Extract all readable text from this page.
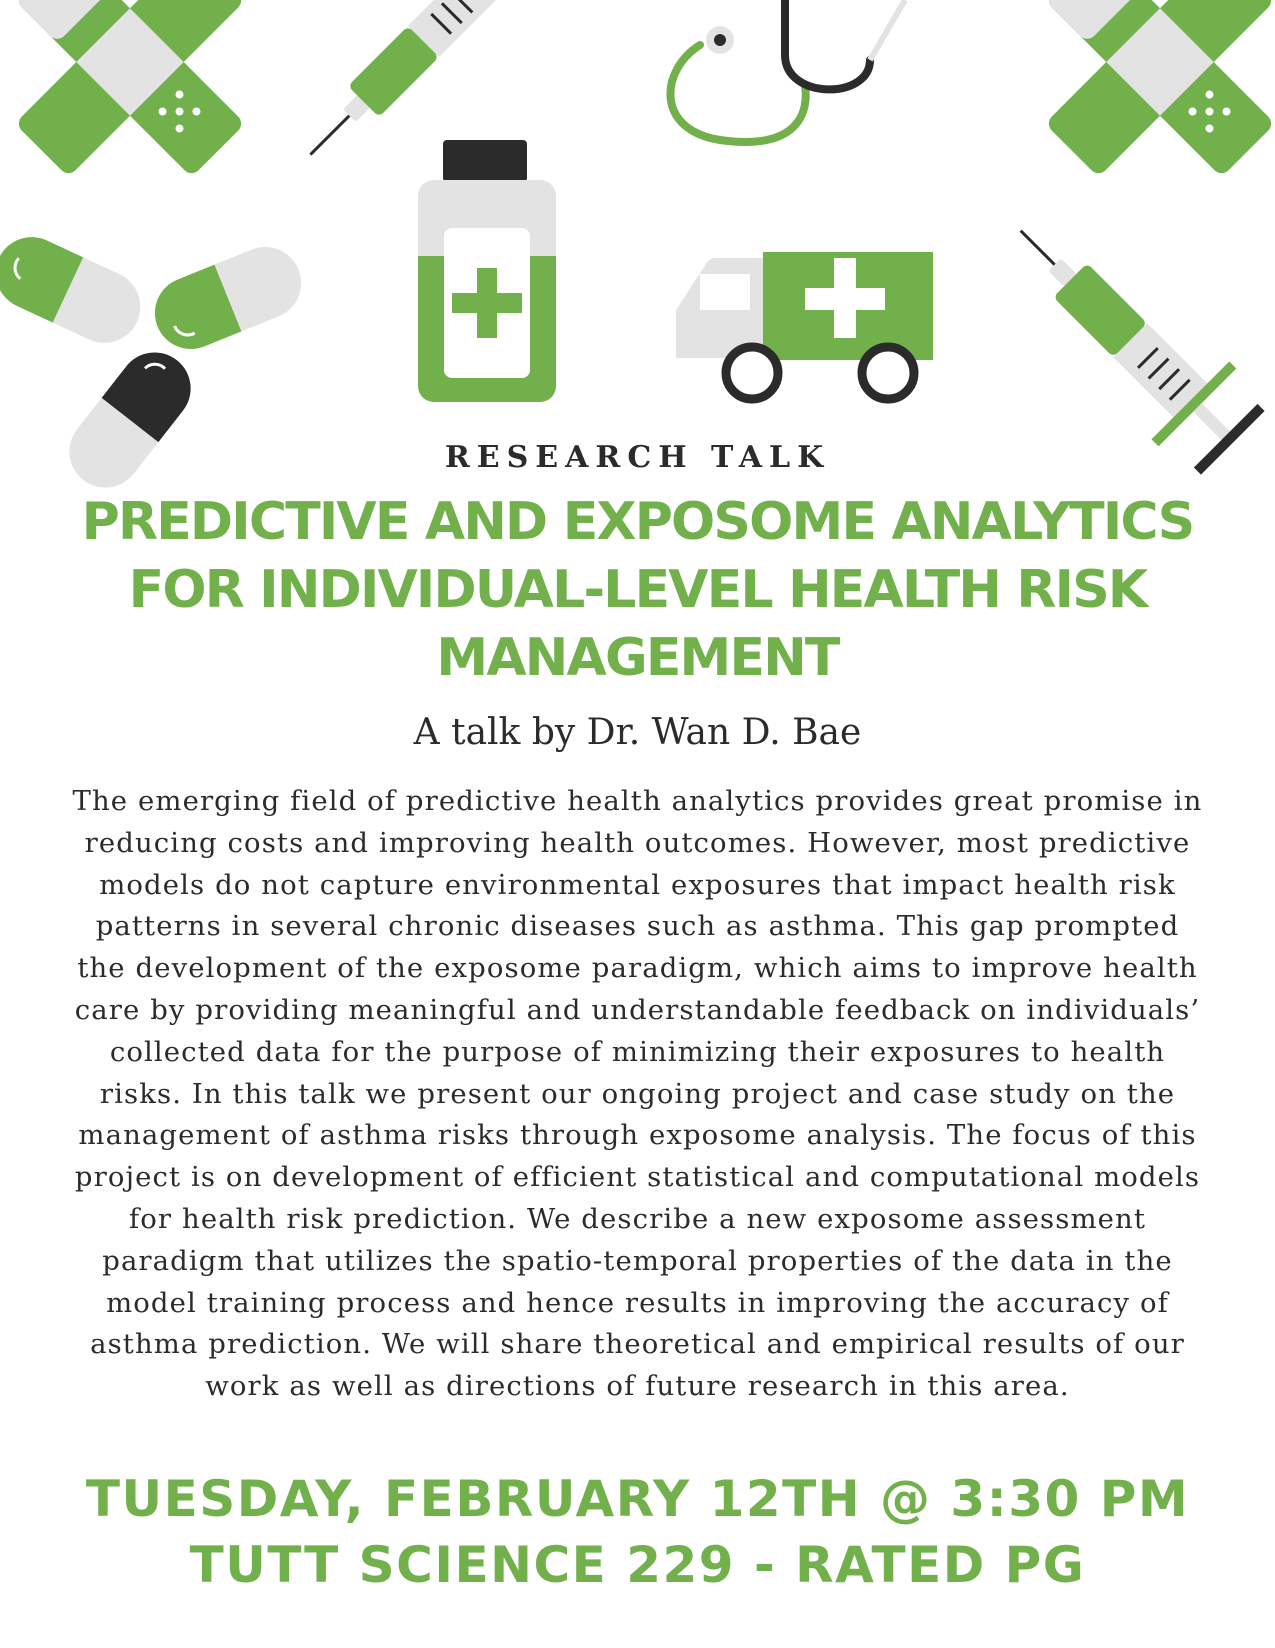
RESEARCH TALK
PREDICTIVE AND EXPOSOME ANALYTICS FOR INDIVIDUAL-LEVEL HEALTH RISK MANAGEMENT
A talk by Dr. Wan D. Bae

The emerging field of predictive health analytics provides great promise in reducing costs and improving health outcomes. However, most predictive models do not capture environmental exposures that impact health risk patterns in several chronic diseases such as asthma. This gap prompted the development of the exposome paradigm, which aims to improve health care by providing meaningful and understandable feedback on individuals’ collected data for the purpose of minimizing their exposures to health risks. In this talk we present our ongoing project and case study on the management of asthma risks through exposome analysis. The focus of this project is on development of efficient statistical and computational models for health risk prediction. We describe a new exposome assessment paradigm that utilizes the spatio-temporal properties of the data in the model training process and hence results in improving the accuracy of asthma prediction. We will share theoretical and empirical results of our work as well as directions of future research in this area.

TUESDAY, FEBRUARY 12TH @ 3:30 PM
TUTT SCIENCE 229 - RATED PG
